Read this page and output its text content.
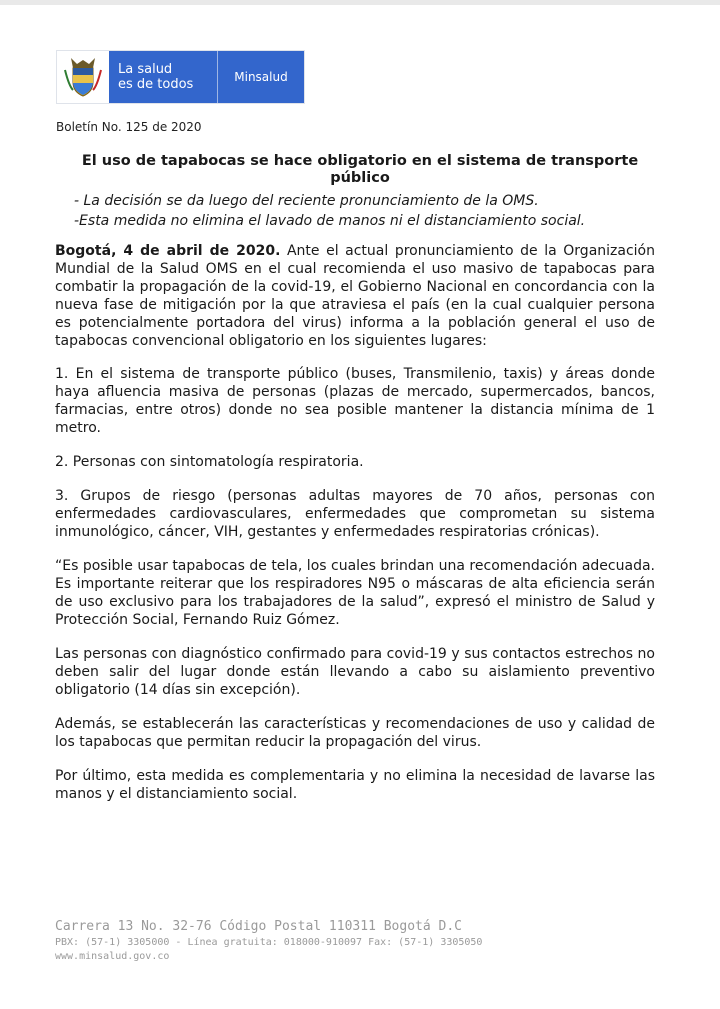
La salud
es de todos	Minsalud
Boletín No. 125 de 2020
El uso de tapabocas se hace obligatorio en el sistema de transporte público
- La decisión se da luego del reciente pronunciamiento de la OMS.
-Esta medida no elimina el lavado de manos ni el distanciamiento social.

Bogotá, 4 de abril de 2020. Ante el actual pronunciamiento de la Organización Mundial de la Salud OMS en el cual recomienda el uso masivo de tapabocas para combatir la propagación de la covid-19, el Gobierno Nacional en concordancia con la nueva fase de mitigación por la que atraviesa el país (en la cual cualquier persona es potencialmente portadora del virus) informa a la población general el uso de tapabocas convencional obligatorio en los siguientes lugares:

1. En el sistema de transporte público (buses, Transmilenio, taxis) y áreas donde haya afluencia masiva de personas (plazas de mercado, supermercados, bancos, farmacias, entre otros) donde no sea posible mantener la distancia mínima de 1 metro.

2. Personas con sintomatología respiratoria.

3. Grupos de riesgo (personas adultas mayores de 70 años, personas con enfermedades cardiovasculares, enfermedades que comprometan su sistema inmunológico, cáncer, VIH, gestantes y enfermedades respiratorias crónicas).

“Es posible usar tapabocas de tela, los cuales brindan una recomendación adecuada. Es importante reiterar que los respiradores N95 o máscaras de alta eficiencia serán de uso exclusivo para los trabajadores de la salud”, expresó el ministro de Salud y Protección Social, Fernando Ruiz Gómez.

Las personas con diagnóstico confirmado para covid-19 y sus contactos estrechos no deben salir del lugar donde están llevando a cabo su aislamiento preventivo obligatorio (14 días sin excepción).

Además, se establecerán las características y recomendaciones de uso y calidad de los tapabocas que permitan reducir la propagación del virus.

Por último, esta medida es complementaria y no elimina la necesidad de lavarse las manos y el distanciamiento social.

Carrera 13 No. 32-76 Código Postal 110311 Bogotá D.C
PBX: (57-1) 3305000 - Línea gratuita: 018000-910097 Fax: (57-1) 3305050
www.minsalud.gov.co
